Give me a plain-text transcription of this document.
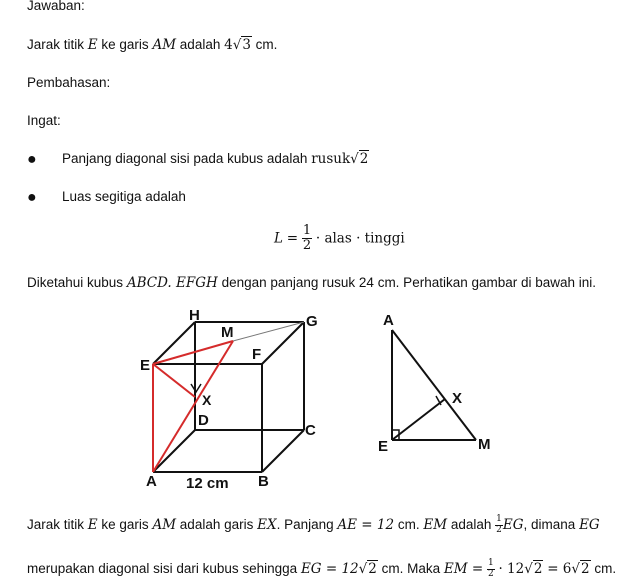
Jawaban:
Jarak titik E ke garis AM adalah 4√3 cm.
Pembahasan:
Ingat:
● Panjang diagonal sisi pada kubus adalah rusuk√2
● Luas segitiga adalah
$L = \frac{1}{2}$ · alas · tinggi
Diketahui kubus ABCD. EFGH dengan panjang rusuk 24 cm. Perhatikan gambar di bawah ini.
H
M
G
E
F
X
D
C
A	B
12 cm
A
X
E	M
Jarak titik E ke garis AM adalah garis EX. Panjang AE = 12 cm. EM adalah $\frac{1}{2}$ EG, dimana EG
merupakan diagonal sisi dari kubus sehingga EG = 12√2 cm. Maka EM = $\frac{1}{2} \cdot 12√2 = 6√2$ cm.
